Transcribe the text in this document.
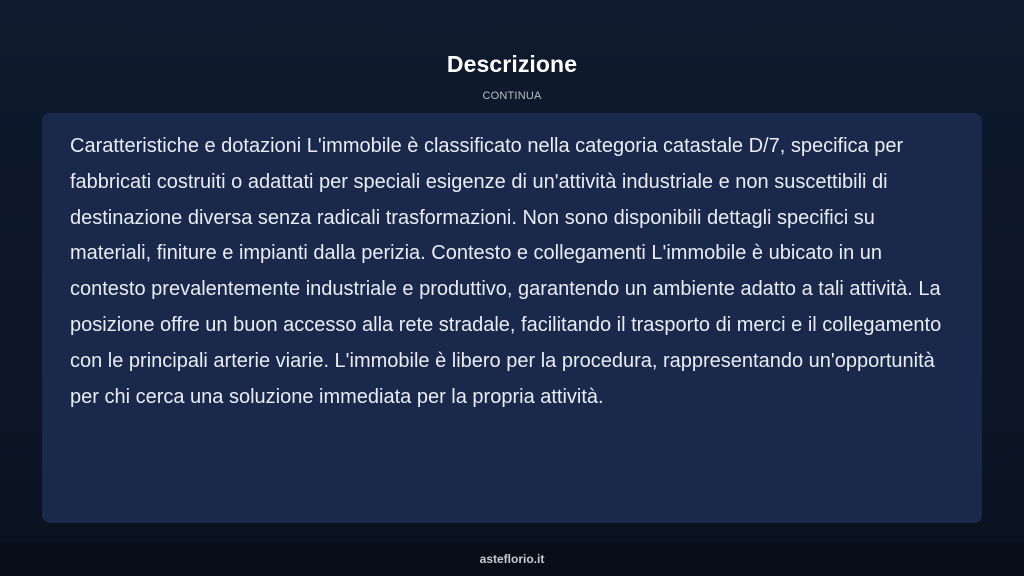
Descrizione
CONTINUA

Caratteristiche e dotazioni L'immobile è classificato nella categoria catastale D/7, specifica per fabbricati costruiti o adattati per speciali esigenze di un'attività industriale e non suscettibili di destinazione diversa senza radicali trasformazioni. Non sono disponibili dettagli specifici su materiali, finiture e impianti dalla perizia. Contesto e collegamenti L'immobile è ubicato in un contesto prevalentemente industriale e produttivo, garantendo un ambiente adatto a tali attività. La posizione offre un buon accesso alla rete stradale, facilitando il trasporto di merci e il collegamento con le principali arterie viarie. L'immobile è libero per la procedura, rappresentando un'opportunità per chi cerca una soluzione immediata per la propria attività.

asteflorio.it
